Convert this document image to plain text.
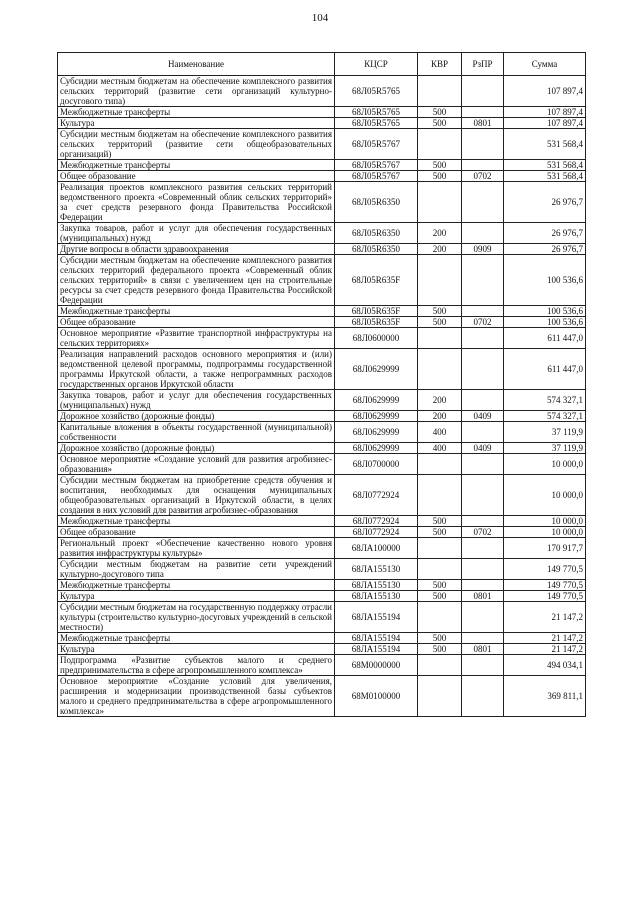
104
Наименование	КЦСР	КВР	РзПР	Сумма
Субсидии местным бюджетам на обеспечение комплексного развития сельских территорий (развитие сети организаций культурно-досугового типа)	68Л05R5765			107 897,4
Межбюджетные трансферты	68Л05R5765	500		107 897,4
Культура	68Л05R5765	500	0801	107 897,4
Субсидии местным бюджетам на обеспечение комплексного развития сельских территорий (развитие сети общеобразовательных организаций)	68Л05R5767			531 568,4
Межбюджетные трансферты	68Л05R5767	500		531 568,4
Общее образование	68Л05R5767	500	0702	531 568,4
Реализация проектов комплексного развития сельских территорий ведомственного проекта «Современный облик сельских территорий» за счет средств резервного фонда Правительства Российской Федерации	68Л05R6350			26 976,7
Закупка товаров, работ и услуг для обеспечения государственных (муниципальных) нужд	68Л05R6350	200		26 976,7
Другие вопросы в области здравоохранения	68Л05R6350	200	0909	26 976,7
Субсидии местным бюджетам на обеспечение комплексного развития сельских территорий федерального проекта «Современный облик сельских территорий» в связи с увеличением цен на строительные ресурсы за счет средств резервного фонда Правительства Российской Федерации	68Л05R635F			100 536,6
Межбюджетные трансферты	68Л05R635F	500		100 536,6
Общее образование	68Л05R635F	500	0702	100 536,6
Основное мероприятие «Развитие транспортной инфраструктуры на сельских территориях»	68Л0600000			611 447,0
Реализация направлений расходов основного мероприятия и (или) ведомственной целевой программы, подпрограммы государственной программы Иркутской области, а также непрограммных расходов государственных органов Иркутской области	68Л0629999			611 447,0
Закупка товаров, работ и услуг для обеспечения государственных (муниципальных) нужд	68Л0629999	200		574 327,1
Дорожное хозяйство (дорожные фонды)	68Л0629999	200	0409	574 327,1
Капитальные вложения в объекты государственной (муниципальной) собственности	68Л0629999	400		37 119,9
Дорожное хозяйство (дорожные фонды)	68Л0629999	400	0409	37 119,9
Основное мероприятие «Создание условий для развития агробизнес-образования»	68Л0700000			10 000,0
Субсидии местным бюджетам на приобретение средств обучения и воспитания, необходимых для оснащения муниципальных общеобразовательных организаций в Иркутской области, в целях создания в них условий для развития агробизнес-образования	68Л0772924			10 000,0
Межбюджетные трансферты	68Л0772924	500		10 000,0
Общее образование	68Л0772924	500	0702	10 000,0
Региональный проект «Обеспечение качественно нового уровня развития инфраструктуры культуры»	68ЛА100000			170 917,7
Субсидии местным бюджетам на развитие сети учреждений культурно-досугового типа	68ЛА155130			149 770,5
Межбюджетные трансферты	68ЛА155130	500		149 770,5
Культура	68ЛА155130	500	0801	149 770,5
Субсидии местным бюджетам на государственную поддержку отрасли культуры (строительство культурно-досуговых учреждений в сельской местности)	68ЛА155194			21 147,2
Межбюджетные трансферты	68ЛА155194	500		21 147,2
Культура	68ЛА155194	500	0801	21 147,2
Подпрограмма «Развитие субъектов малого и среднего предпринимательства в сфере агропромышленного комплекса»	68М0000000			494 034,1
Основное мероприятие «Создание условий для увеличения, расширения и модернизации производственной базы субъектов малого и среднего предпринимательства в сфере агропромышленного комплекса»	68М0100000			369 811,1
